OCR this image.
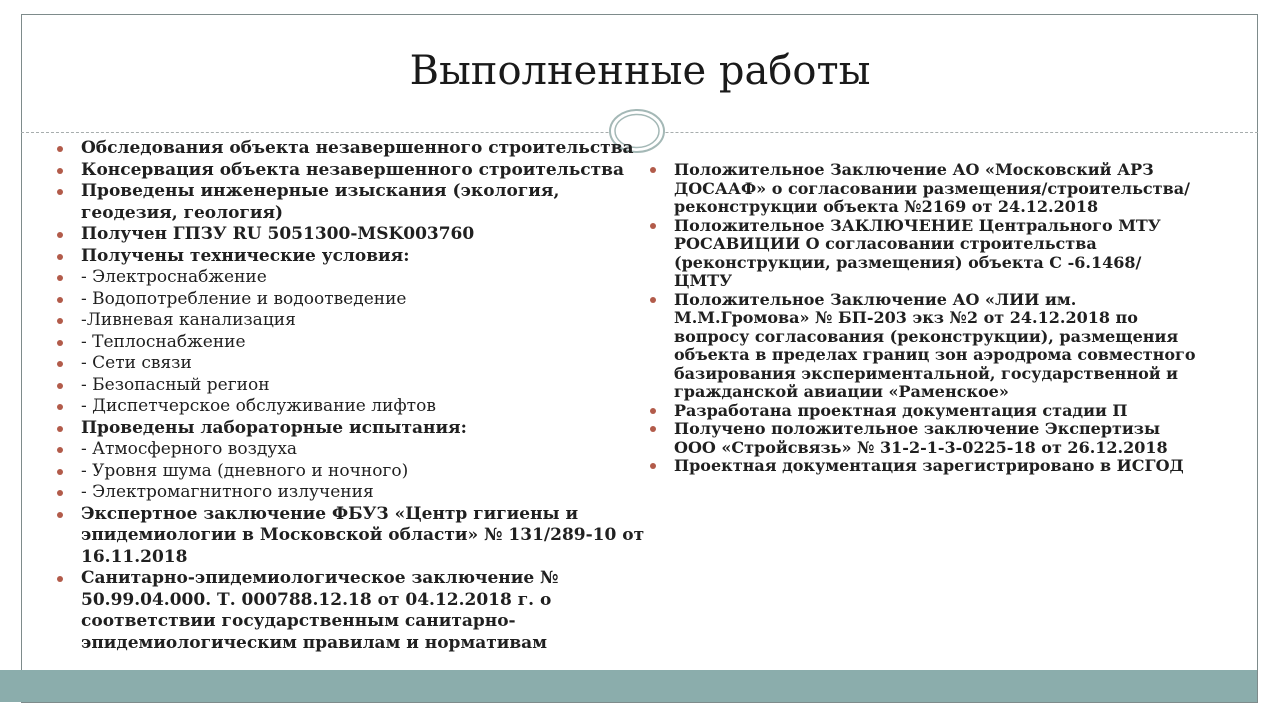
Выполненные работы
Обследования объекта незавершенного строительства
Консервация объекта незавершенного строительства
Проведены инженерные изыскания (экология, геодезия, геология)
Получен ГПЗУ RU 5051300-MSK003760
Получены технические условия:
- Электроснабжение
- Водопотребление и водоотведение
-Ливневая канализация
- Теплоснабжение
- Сети связи
- Безопасный регион
- Диспетчерское обслуживание лифтов
Проведены лабораторные испытания:
- Атмосферного воздуха
- Уровня шума (дневного и ночного)
- Электромагнитного излучения
Экспертное заключение ФБУЗ «Центр гигиены и эпидемиологии в Московской области» № 131/289-10 от 16.11.2018
Санитарно-эпидемиологическое заключение № 50.99.04.000. Т. 000788.12.18 от 04.12.2018 г. о соответствии государственным санитарно-эпидемиологическим правилам и нормативам
Положительное Заключение АО «Московский АРЗ ДОСААФ» о согласовании размещения/строительства/ реконструкции объекта №2169 от 24.12.2018
Положительное ЗАКЛЮЧЕНИЕ Центрального МТУ РОСАВИЦИИ О согласовании строительства (реконструкции, размещения) объекта С -6.1468/ЦМТУ
Положительное Заключение АО «ЛИИ им. М.М.Громова» № БП-203 экз №2 от 24.12.2018 по вопросу согласования (реконструкции), размещения объекта в пределах границ зон аэродрома совместного базирования экспериментальной, государственной и гражданской авиации «Раменское»
Разработана проектная документация стадии П
Получено положительное заключение Экспертизы ООО «Стройсвязь» № 31-2-1-3-0225-18 от 26.12.2018
Проектная документация зарегистрировано в ИСГОД
